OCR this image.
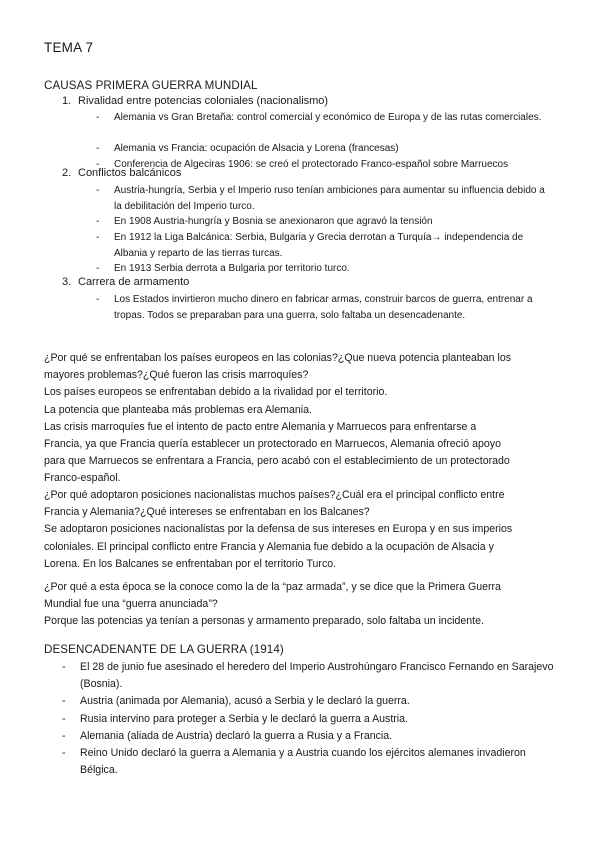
TEMA 7
CAUSAS PRIMERA GUERRA MUNDIAL
1. Rivalidad entre potencias coloniales (nacionalismo)
- Alemania vs Gran Bretaña: control comercial y económico de Europa y de las rutas comerciales.
- Alemania vs Francia: ocupación de Alsacia y Lorena (francesas)
- Conferencia de Algeciras 1906: se creó el protectorado Franco-español sobre Marruecos
2. Conflictos balcánicos
- Austria-hungría, Serbia y el Imperio ruso tenían ambiciones para aumentar su influencia debido a la debilitación del Imperio turco.
- En 1908 Austria-hungría y Bosnia se anexionaron que agravó la tensión
- En 1912 la Liga Balcánica: Serbia, Bulgaria y Grecia derrotan a Turquía→ independencia de Albania y reparto de las tierras turcas.
- En 1913 Serbia derrota a Bulgaria por territorio turco.
3. Carrera de armamento
- Los Estados invirtieron mucho dinero en fabricar armas, construir barcos de guerra, entrenar a tropas. Todos se preparaban para una guerra, solo faltaba un desencadenante.
¿Por qué se enfrentaban los países europeos en las colonias?¿Que nueva potencia planteaban los
mayores problemas?¿Qué fueron las crisis marroquíes?
Los países europeos se enfrentaban debido a la rivalidad por el territorio.
La potencia que planteaba más problemas era Alemania.
Las crisis marroquíes fue el intento de pacto entre Alemania y Marruecos para enfrentarse a
Francia, ya que Francia quería establecer un protectorado en Marruecos, Alemania ofreció apoyo
para que Marruecos se enfrentara a Francia, pero acabó con el establecimiento de un protectorado
Franco-español.
¿Por qué adoptaron posiciones nacionalistas muchos países?¿Cuál era el principal conflicto entre
Francia y Alemania?¿Qué intereses se enfrentaban en los Balcanes?
Se adoptaron posiciones nacionalistas por la defensa de sus intereses en Europa y en sus imperios
coloniales. El principal conflicto entre Francia y Alemania fue debido a la ocupación de Alsacia y
Lorena. En los Balcanes se enfrentaban por el territorio Turco.
¿Por qué a esta época se la conoce como la de la “paz armada”, y se dice que la Primera Guerra
Mundial fue una “guerra anunciada”?
Porque las potencias ya tenían a personas y armamento preparado, solo faltaba un incidente.
DESENCADENANTE DE LA GUERRA (1914)
- El 28 de junio fue asesinado el heredero del Imperio Austrohúngaro Francisco Fernando en Sarajevo (Bosnia).
- Austria (animada por Alemania), acusó a Serbia y le declaró la guerra.
- Rusia intervino para proteger a Serbia y le declaró la guerra a Austria.
- Alemania (aliada de Austria) declaró la guerra a Rusia y a Francia.
- Reino Unido declaró la guerra a Alemania y a Austria cuando los ejércitos alemanes invadieron Bélgica.
